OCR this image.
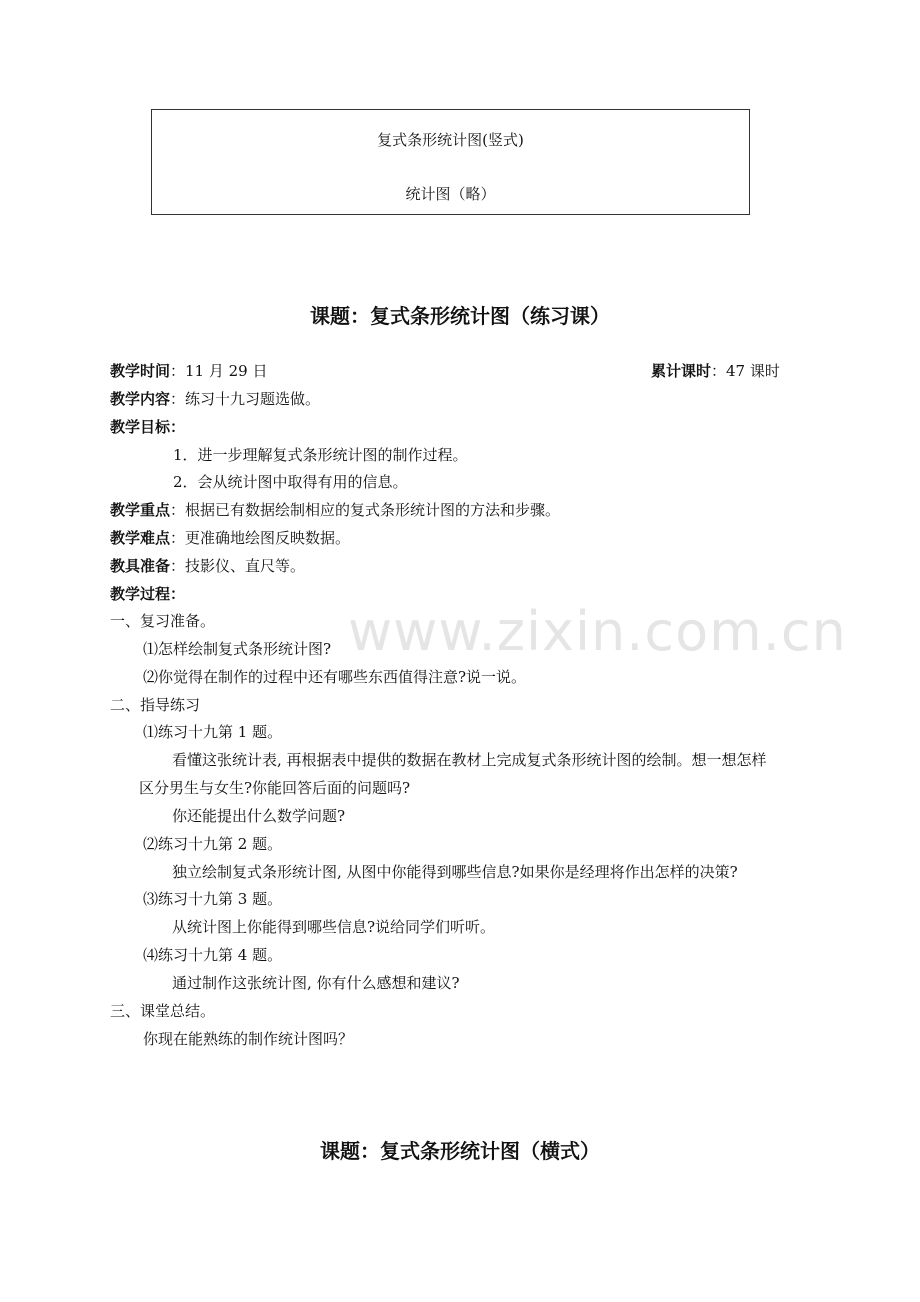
复式条形统计图(竖式)
统计图（略）
课题：复式条形统计图（练习课）
教学时间：11 月 29 日	累计课时：47 课时
教学内容：练习十九习题选做。
教学目标：
1．进一步理解复式条形统计图的制作过程。
2．会从统计图中取得有用的信息。
教学重点：根据已有数据绘制相应的复式条形统计图的方法和步骤。
教学难点：更准确地绘图反映数据。
教具准备：技影仪、直尺等。
教学过程：
www.zixin.com.cn
一、复习准备。
⑴怎样绘制复式条形统计图?
⑵你觉得在制作的过程中还有哪些东西值得注意?说一说。
二、指导练习
⑴练习十九第 1 题。
看懂这张统计表, 再根据表中提供的数据在教材上完成复式条形统计图的绘制。想一想怎样
区分男生与女生?你能回答后面的问题吗?
你还能提出什么数学问题?
⑵练习十九第 2 题。
独立绘制复式条形统计图, 从图中你能得到哪些信息?如果你是经理将作出怎样的决策?
⑶练习十九第 3 题。
从统计图上你能得到哪些信息?说给同学们听听。
⑷练习十九第 4 题。
通过制作这张统计图, 你有什么感想和建议?
三、课堂总结。
你现在能熟练的制作统计图吗？
课题：复式条形统计图（横式）
